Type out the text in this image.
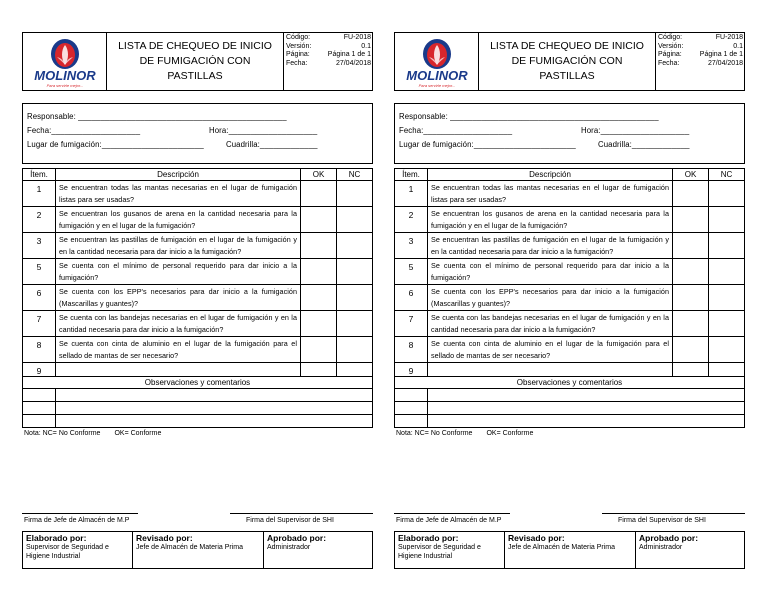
MOLINOR
Para servirle mejor...
LISTA DE CHEQUEO DE INICIO DE FUMIGACIÓN CON PASTILLAS
Código:	FU-2018
Versión:	0.1
Página:	Página 1 de 1
Fecha:	27/04/2018
Responsable: _______________________________________________
Fecha:____________________	Hora:____________________
Lugar de fumigación:_______________________	Cuadrilla:_____________
Ítem.	Descripción	OK	NC
1	Se encuentran todas las mantas necesarias en el lugar de fumigación listas para ser usadas?		
2	Se encuentran los gusanos de arena en la cantidad necesaria para la fumigación y en el lugar de la fumigación?		
3	Se encuentran las pastillas de fumigación en el lugar de la fumigación y en la cantidad necesaria para dar inicio a la fumigación?		
5	Se cuenta con el mínimo de personal requerido para dar inicio a la fumigación?		
6	Se cuenta con los EPP's necesarios para dar inicio a la fumigación (Mascarillas y guantes)?		
7	Se cuenta con las bandejas necesarias en el lugar de fumigación y en la cantidad necesaria para dar inicio a la fumigación?		
8	Se cuenta con cinta de aluminio en el lugar de la fumigación para el sellado de mantas de ser necesario?		
9			
Observaciones y comentarios			

Nota: NC= No Conforme OK= Conforme
Firma de Jefe de Almacén de M.P	Firma del Supervisor de SHI
Elaborado por:
Supervisor de Seguridad e Higiene Industrial
Revisado por:
Jefe de Almacén de Materia Prima
Aprobado por:
Administrador
MOLINOR
Para servirle mejor...
LISTA DE CHEQUEO DE INICIO DE FUMIGACIÓN CON PASTILLAS
Código:	FU-2018
Versión:	0.1
Página:	Página 1 de 1
Fecha:	27/04/2018
Responsable: _______________________________________________
Fecha:____________________	Hora:____________________
Lugar de fumigación:_______________________	Cuadrilla:_____________
Ítem.	Descripción	OK	NC
1	Se encuentran todas las mantas necesarias en el lugar de fumigación listas para ser usadas?		
2	Se encuentran los gusanos de arena en la cantidad necesaria para la fumigación y en el lugar de la fumigación?		
3	Se encuentran las pastillas de fumigación en el lugar de la fumigación y en la cantidad necesaria para dar inicio a la fumigación?		
5	Se cuenta con el mínimo de personal requerido para dar inicio a la fumigación?		
6	Se cuenta con los EPP's necesarios para dar inicio a la fumigación (Mascarillas y guantes)?		
7	Se cuenta con las bandejas necesarias en el lugar de fumigación y en la cantidad necesaria para dar inicio a la fumigación?		
8	Se cuenta con cinta de aluminio en el lugar de la fumigación para el sellado de mantas de ser necesario?		
9			
Observaciones y comentarios			

Nota: NC= No Conforme OK= Conforme
Firma de Jefe de Almacén de M.P	Firma del Supervisor de SHI
Elaborado por:
Supervisor de Seguridad e Higiene Industrial
Revisado por:
Jefe de Almacén de Materia Prima
Aprobado por:
Administrador
